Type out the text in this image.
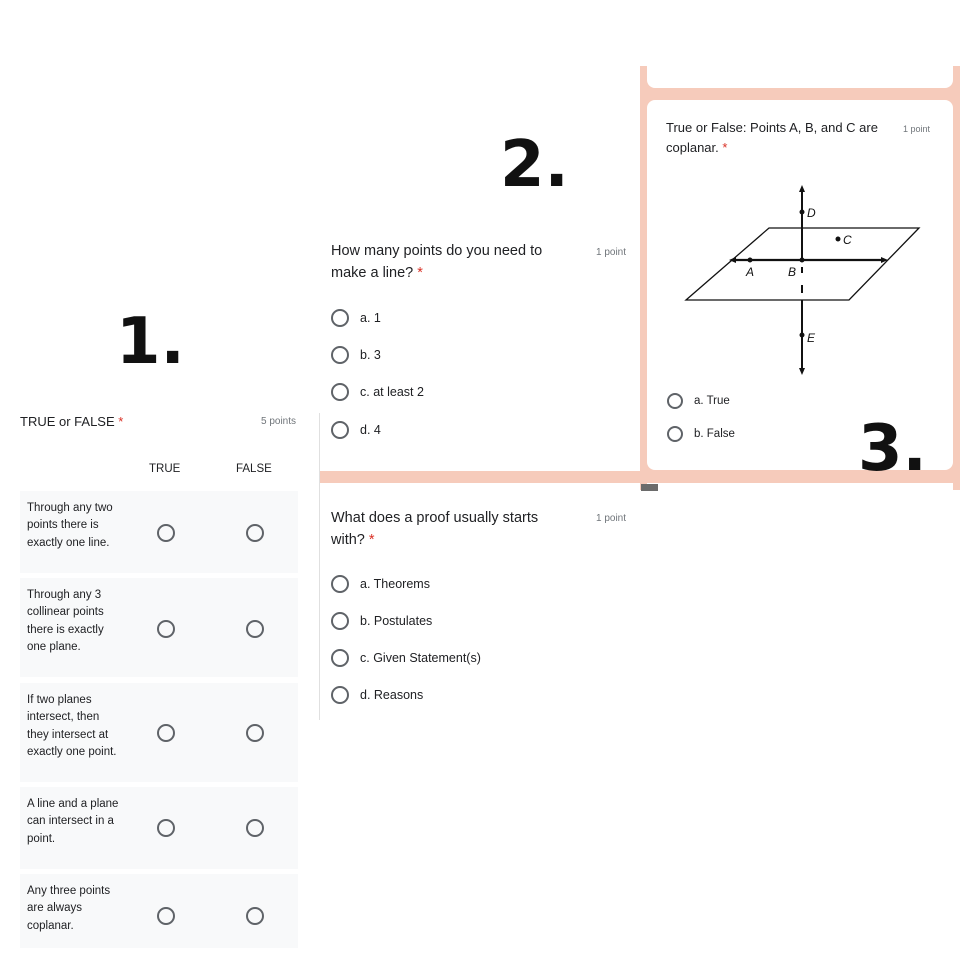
1.
2.
True or False: Points A, B, and C are coplanar. *
1 point
D
C
A	B
E
a. True
b. False 3.
How many points do you need to make a line? *
1 point
a. 1
b. 3
c. at least 2
d. 4
What does a proof usually starts with? *
1 point
a. Theorems
b. Postulates
c. Given Statement(s)
d. Reasons
TRUE or FALSE *	5 points
TRUE	FALSE
Through any two points there is exactly one line.
Through any 3 collinear points there is exactly one plane.
If two planes intersect, then they intersect at exactly one point.
A line and a plane can intersect in a point.
Any three points are always coplanar.
